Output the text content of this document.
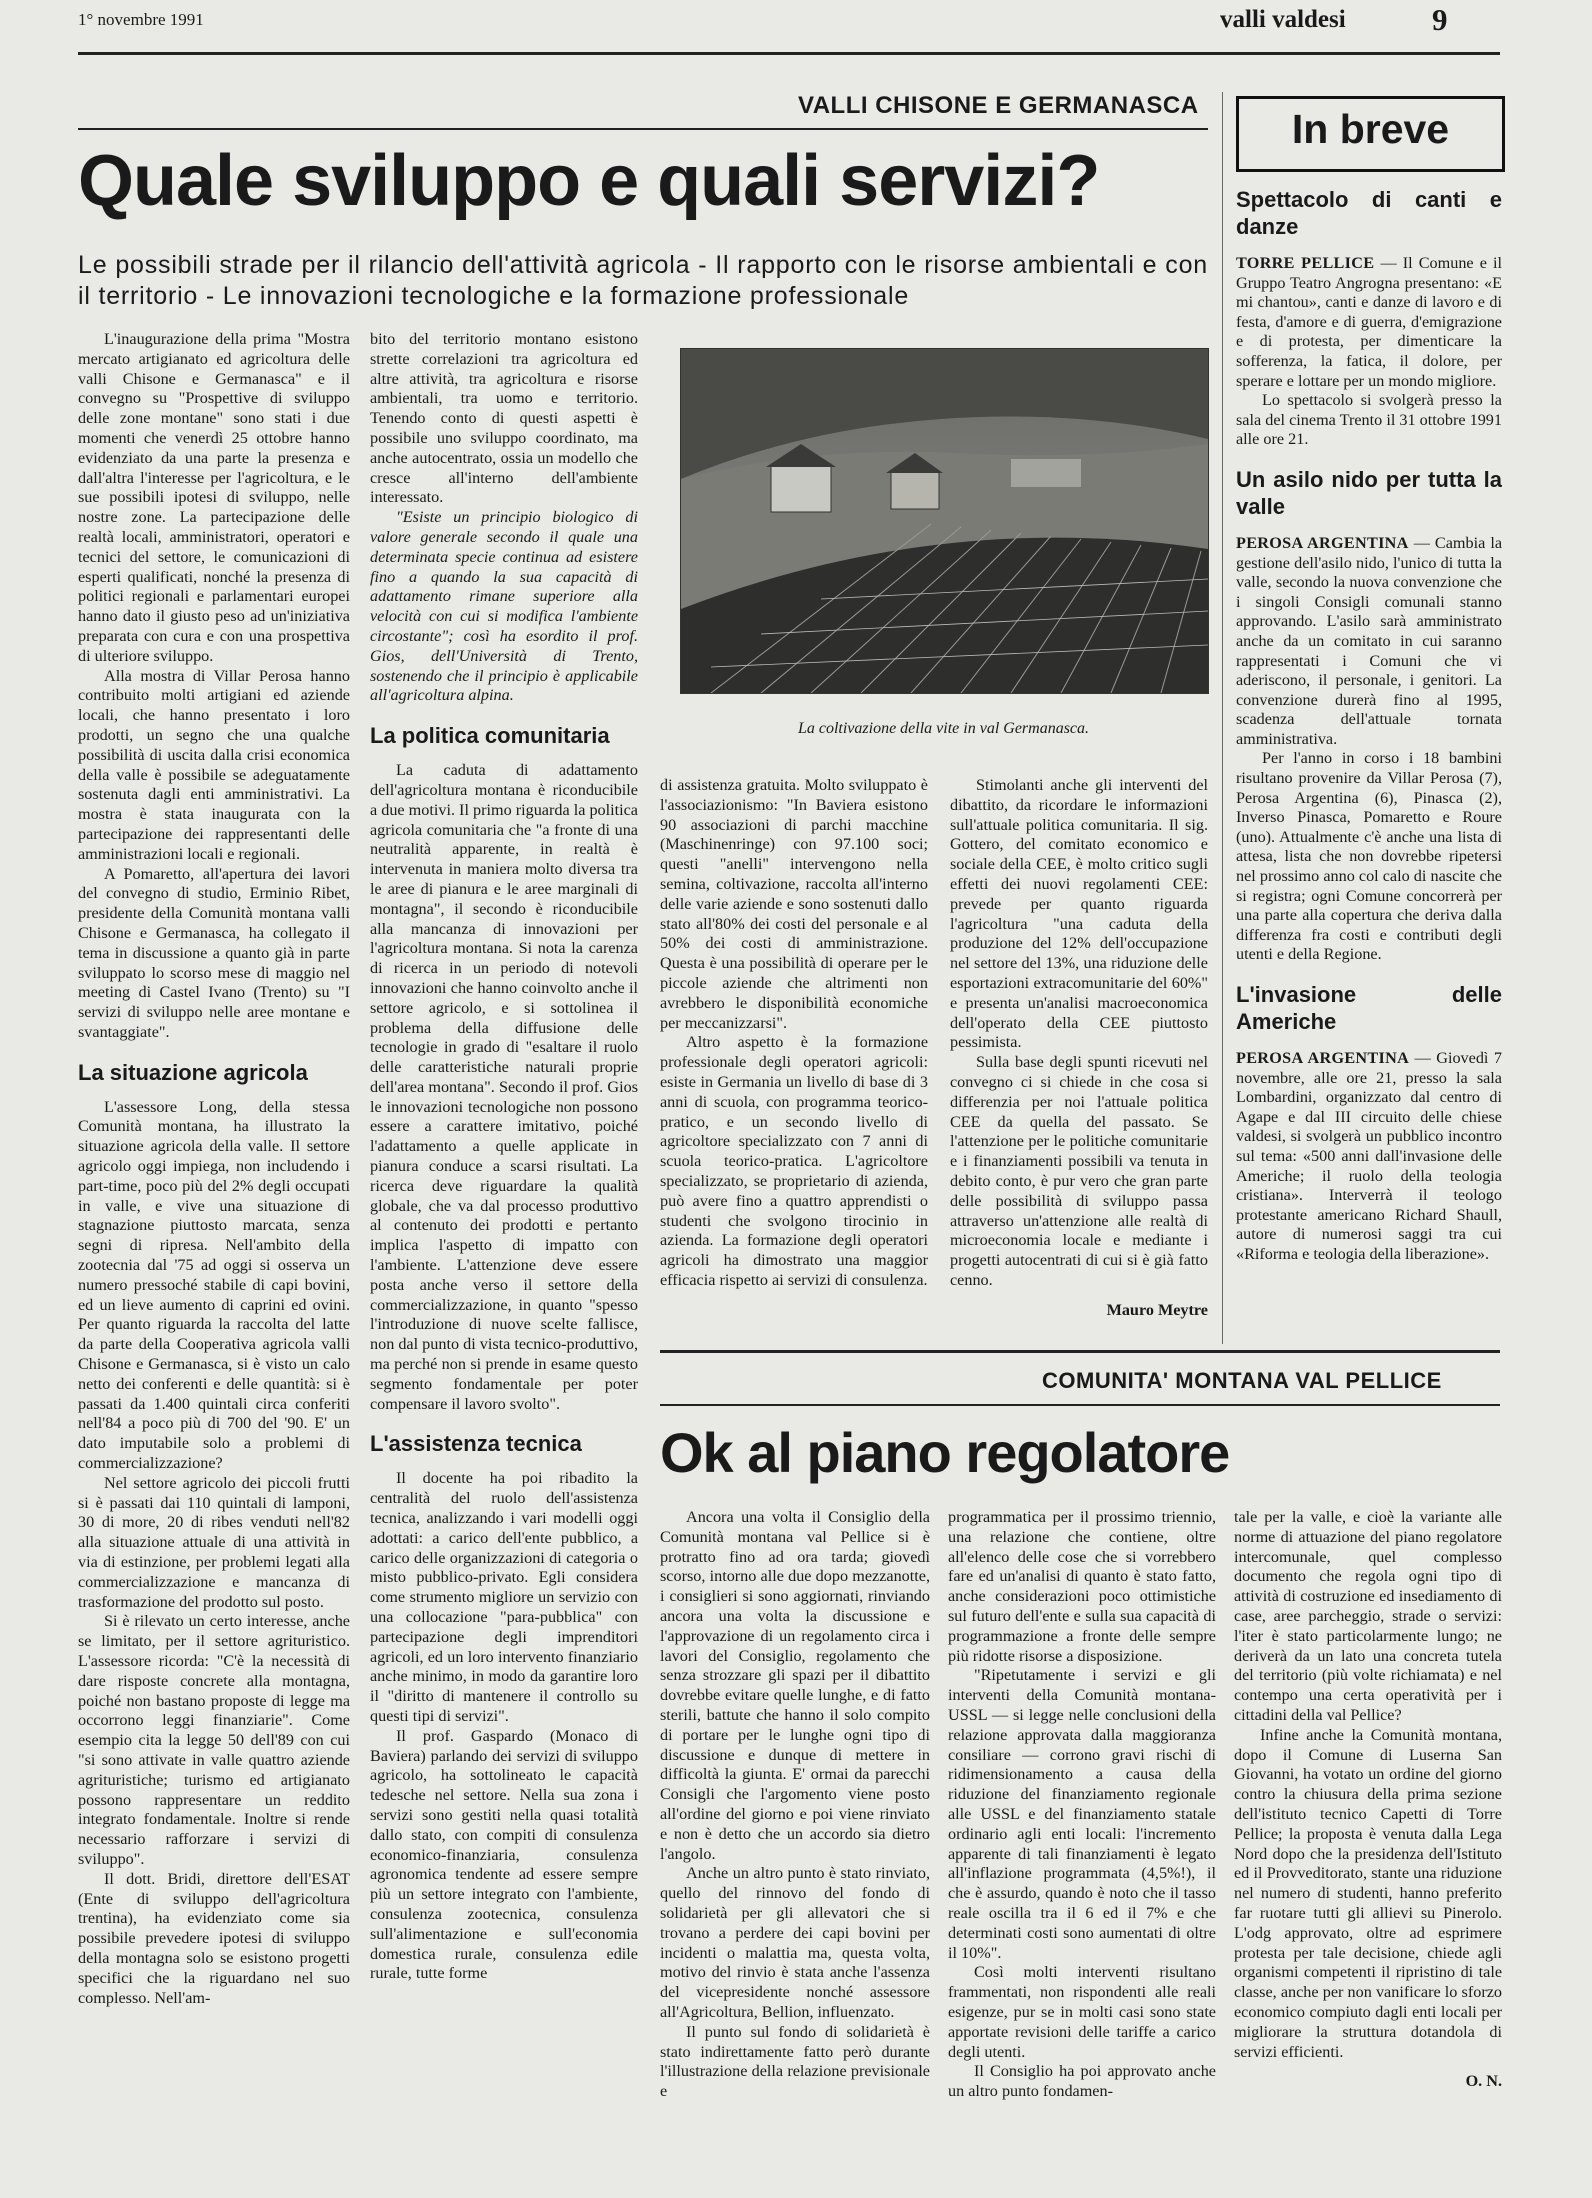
1° novembre 1991	valli valdesi	9
VALLI CHISONE E GERMANASCA
Quale sviluppo e quali servizi?
Le possibili strade per il rilancio dell'attività agricola - Il rapporto con le risorse ambientali e con il territorio - Le innovazioni tecnologiche e la formazione professionale

L'inaugurazione della prima "Mostra mercato artigianato ed agricoltura delle valli Chisone e Germanasca" e il convegno su "Prospettive di sviluppo delle zone montane" sono stati i due momenti che venerdì 25 ottobre hanno evidenziato da una parte la presenza e dall'altra l'interesse per l'agricoltura, e le sue possibili ipotesi di sviluppo, nelle nostre zone. La partecipazione delle realtà locali, amministratori, operatori e tecnici del settore, le comunicazioni di esperti qualificati, nonché la presenza di politici regionali e parlamentari europei hanno dato il giusto peso ad un'iniziativa preparata con cura e con una prospettiva di ulteriore sviluppo.

Alla mostra di Villar Perosa hanno contribuito molti artigiani ed aziende locali, che hanno presentato i loro prodotti, un segno che una qualche possibilità di uscita dalla crisi economica della valle è possibile se adeguatamente sostenuta dagli enti amministrativi. La mostra è stata inaugurata con la partecipazione dei rappresentanti delle amministrazioni locali e regionali.

A Pomaretto, all'apertura dei lavori del convegno di studio, Erminio Ribet, presidente della Comunità montana valli Chisone e Germanasca, ha collegato il tema in discussione a quanto già in parte sviluppato lo scorso mese di maggio nel meeting di Castel Ivano (Trento) su "I servizi di sviluppo nelle aree montane e svantaggiate".

La situazione agricola

L'assessore Long, della stessa Comunità montana, ha illustrato la situazione agricola della valle. Il settore agricolo oggi impiega, non includendo i part-time, poco più del 2% degli occupati in valle, e vive una situazione di stagnazione piuttosto marcata, senza segni di ripresa. Nell'ambito della zootecnia dal '75 ad oggi si osserva un numero pressoché stabile di capi bovini, ed un lieve aumento di caprini ed ovini. Per quanto riguarda la raccolta del latte da parte della Cooperativa agricola valli Chisone e Germanasca, si è visto un calo netto dei conferenti e delle quantità: si è passati da 1.400 quintali circa conferiti nell'84 a poco più di 700 del '90. E' un dato imputabile solo a problemi di commercializzazione?

Nel settore agricolo dei piccoli frutti si è passati dai 110 quintali di lamponi, 30 di more, 20 di ribes venduti nell'82 alla situazione attuale di una attività in via di estinzione, per problemi legati alla commercializzazione e mancanza di trasformazione del prodotto sul posto.

Si è rilevato un certo interesse, anche se limitato, per il settore agrituristico. L'assessore ricorda: "C'è la necessità di dare risposte concrete alla montagna, poiché non bastano proposte di legge ma occorrono leggi finanziarie". Come esempio cita la legge 50 dell'89 con cui "si sono attivate in valle quattro aziende agrituristiche; turismo ed artigianato possono rappresentare un reddito integrato fondamentale. Inoltre si rende necessario rafforzare i servizi di sviluppo".

Il dott. Bridi, direttore dell'ESAT (Ente di sviluppo dell'agricoltura trentina), ha evidenziato come sia possibile prevedere ipotesi di sviluppo della montagna solo se esistono progetti specifici che la riguardano nel suo complesso. Nell'am-

bito del territorio montano esistono strette correlazioni tra agricoltura ed altre attività, tra agricoltura e risorse ambientali, tra uomo e territorio. Tenendo conto di questi aspetti è possibile uno sviluppo coordinato, ma anche autocentrato, ossia un modello che cresce all'interno dell'ambiente interessato.

"Esiste un principio biologico di valore generale secondo il quale una determinata specie continua ad esistere fino a quando la sua capacità di adattamento rimane superiore alla velocità con cui si modifica l'ambiente circostante"; così ha esordito il prof. Gios, dell'Università di Trento, sostenendo che il principio è applicabile all'agricoltura alpina.

La politica comunitaria

La caduta di adattamento dell'agricoltura montana è riconducibile a due motivi. Il primo riguarda la politica agricola comunitaria che "a fronte di una neutralità apparente, in realtà è intervenuta in maniera molto diversa tra le aree di pianura e le aree marginali di montagna", il secondo è riconducibile alla mancanza di innovazioni per l'agricoltura montana. Si nota la carenza di ricerca in un periodo di notevoli innovazioni che hanno coinvolto anche il settore agricolo, e si sottolinea il problema della diffusione delle tecnologie in grado di "esaltare il ruolo delle caratteristiche naturali proprie dell'area montana". Secondo il prof. Gios le innovazioni tecnologiche non possono essere a carattere imitativo, poiché l'adattamento a quelle applicate in pianura conduce a scarsi risultati. La ricerca deve riguardare la qualità globale, che va dal processo produttivo al contenuto dei prodotti e pertanto implica l'aspetto di impatto con l'ambiente. L'attenzione deve essere posta anche verso il settore della commercializzazione, in quanto "spesso l'introduzione di nuove scelte fallisce, non dal punto di vista tecnico-produttivo, ma perché non si prende in esame questo segmento fondamentale per poter compensare il lavoro svolto".

L'assistenza tecnica

Il docente ha poi ribadito la centralità del ruolo dell'assistenza tecnica, analizzando i vari modelli oggi adottati: a carico dell'ente pubblico, a carico delle organizzazioni di categoria o misto pubblico-privato. Egli considera come strumento migliore un servizio con una collocazione "para-pubblica" con partecipazione degli imprenditori agricoli, ed un loro intervento finanziario anche minimo, in modo da garantire loro il "diritto di mantenere il controllo su questi tipi di servizi".

Il prof. Gaspardo (Monaco di Baviera) parlando dei servizi di sviluppo agricolo, ha sottolineato le capacità tedesche nel settore. Nella sua zona i servizi sono gestiti nella quasi totalità dallo stato, con compiti di consulenza economico-finanziaria, consulenza agronomica tendente ad essere sempre più un settore integrato con l'ambiente, consulenza zootecnica, consulenza sull'alimentazione e sull'economia domestica rurale, consulenza edile rurale, tutte forme

La coltivazione della vite in val Germanasca.

di assistenza gratuita. Molto sviluppato è l'associazionismo: "In Baviera esistono 90 associazioni di parchi macchine (Maschinenringe) con 97.100 soci; questi "anelli" intervengono nella semina, coltivazione, raccolta all'interno delle varie aziende e sono sostenuti dallo stato all'80% dei costi del personale e al 50% dei costi di amministrazione. Questa è una possibilità di operare per le piccole aziende che altrimenti non avrebbero le disponibilità economiche per meccanizzarsi".

Altro aspetto è la formazione professionale degli operatori agricoli: esiste in Germania un livello di base di 3 anni di scuola, con programma teorico-pratico, e un secondo livello di agricoltore specializzato con 7 anni di scuola teorico-pratica. L'agricoltore specializzato, se proprietario di azienda, può avere fino a quattro apprendisti o studenti che svolgono tirocinio in azienda. La formazione degli operatori agricoli ha dimostrato una maggior efficacia rispetto ai servizi di consulenza.

Stimolanti anche gli interventi del dibattito, da ricordare le informazioni sull'attuale politica comunitaria. Il sig. Gottero, del comitato economico e sociale della CEE, è molto critico sugli effetti dei nuovi regolamenti CEE: prevede per quanto riguarda l'agricoltura "una caduta della produzione del 12% dell'occupazione nel settore del 13%, una riduzione delle esportazioni extracomunitarie del 60%" e presenta un'analisi macroeconomica dell'operato della CEE piuttosto pessimista.

Sulla base degli spunti ricevuti nel convegno ci si chiede in che cosa si differenzia per noi l'attuale politica CEE da quella del passato. Se l'attenzione per le politiche comunitarie e i finanziamenti possibili va tenuta in debito conto, è pur vero che gran parte delle possibilità di sviluppo passa attraverso un'attenzione alle realtà di microeconomia locale e mediante i progetti autocentrati di cui si è già fatto cenno.

Mauro Meytre

In breve
Spettacolo di canti e danze

TORRE PELLICE — Il Comune e il Gruppo Teatro Angrogna presentano: «E mi chantou», canti e danze di lavoro e di festa, d'amore e di guerra, d'emigrazione e di protesta, per dimenticare la sofferenza, la fatica, il dolore, per sperare e lottare per un mondo migliore.

Lo spettacolo si svolgerà presso la sala del cinema Trento il 31 ottobre 1991 alle ore 21.

Un asilo nido per tutta la valle

PEROSA ARGENTINA — Cambia la gestione dell'asilo nido, l'unico di tutta la valle, secondo la nuova convenzione che i singoli Consigli comunali stanno approvando. L'asilo sarà amministrato anche da un comitato in cui saranno rappresentati i Comuni che vi aderiscono, il personale, i genitori. La convenzione durerà fino al 1995, scadenza dell'attuale tornata amministrativa.

Per l'anno in corso i 18 bambini risultano provenire da Villar Perosa (7), Perosa Argentina (6), Pinasca (2), Inverso Pinasca, Pomaretto e Roure (uno). Attualmente c'è anche una lista di attesa, lista che non dovrebbe ripetersi nel prossimo anno col calo di nascite che si registra; ogni Comune concorrerà per una parte alla copertura che deriva dalla differenza fra costi e contributi degli utenti e della Regione.

L'invasione delle Americhe

PEROSA ARGENTINA — Giovedì 7 novembre, alle ore 21, presso la sala Lombardini, organizzato dal centro di Agape e dal III circuito delle chiese valdesi, si svolgerà un pubblico incontro sul tema: «500 anni dall'invasione delle Americhe; il ruolo della teologia cristiana». Interverrà il teologo protestante americano Richard Shaull, autore di numerosi saggi tra cui «Riforma e teologia della liberazione».

COMUNITA' MONTANA VAL PELLICE
Ok al piano regolatore

Ancora una volta il Consiglio della Comunità montana val Pellice si è protratto fino ad ora tarda; giovedì scorso, intorno alle due dopo mezzanotte, i consiglieri si sono aggiornati, rinviando ancora una volta la discussione e l'approvazione di un regolamento circa i lavori del Consiglio, regolamento che senza strozzare gli spazi per il dibattito dovrebbe evitare quelle lunghe, e di fatto sterili, battute che hanno il solo compito di portare per le lunghe ogni tipo di discussione e dunque di mettere in difficoltà la giunta. E' ormai da parecchi Consigli che l'argomento viene posto all'ordine del giorno e poi viene rinviato e non è detto che un accordo sia dietro l'angolo.

Anche un altro punto è stato rinviato, quello del rinnovo del fondo di solidarietà per gli allevatori che si trovano a perdere dei capi bovini per incidenti o malattia ma, questa volta, motivo del rinvio è stata anche l'assenza del vicepresidente nonché assessore all'Agricoltura, Bellion, influenzato.

Il punto sul fondo di solidarietà è stato indirettamente fatto però durante l'illustrazione della relazione previsionale e

programmatica per il prossimo triennio, una relazione che contiene, oltre all'elenco delle cose che si vorrebbero fare ed un'analisi di quanto è stato fatto, anche considerazioni poco ottimistiche sul futuro dell'ente e sulla sua capacità di programmazione a fronte delle sempre più ridotte risorse a disposizione.

"Ripetutamente i servizi e gli interventi della Comunità montana-USSL — si legge nelle conclusioni della relazione approvata dalla maggioranza consiliare — corrono gravi rischi di ridimensionamento a causa della riduzione del finanziamento regionale alle USSL e del finanziamento statale ordinario agli enti locali: l'incremento apparente di tali finanziamenti è legato all'inflazione programmata (4,5%!), il che è assurdo, quando è noto che il tasso reale oscilla tra il 6 ed il 7% e che determinati costi sono aumentati di oltre il 10%".

Così molti interventi risultano frammentati, non rispondenti alle reali esigenze, pur se in molti casi sono state apportate revisioni delle tariffe a carico degli utenti.

Il Consiglio ha poi approvato anche un altro punto fondamen-

tale per la valle, e cioè la variante alle norme di attuazione del piano regolatore intercomunale, quel complesso documento che regola ogni tipo di attività di costruzione ed insediamento di case, aree parcheggio, strade o servizi: l'iter è stato particolarmente lungo; ne deriverà da un lato una concreta tutela del territorio (più volte richiamata) e nel contempo una certa operatività per i cittadini della val Pellice?

Infine anche la Comunità montana, dopo il Comune di Luserna San Giovanni, ha votato un ordine del giorno contro la chiusura della prima sezione dell'istituto tecnico Capetti di Torre Pellice; la proposta è venuta dalla Lega Nord dopo che la presidenza dell'Istituto ed il Provveditorato, stante una riduzione nel numero di studenti, hanno preferito far ruotare tutti gli allievi su Pinerolo. L'odg approvato, oltre ad esprimere protesta per tale decisione, chiede agli organismi competenti il ripristino di tale classe, anche per non vanificare lo sforzo economico compiuto dagli enti locali per migliorare la struttura dotandola di servizi efficienti.

O. N.
